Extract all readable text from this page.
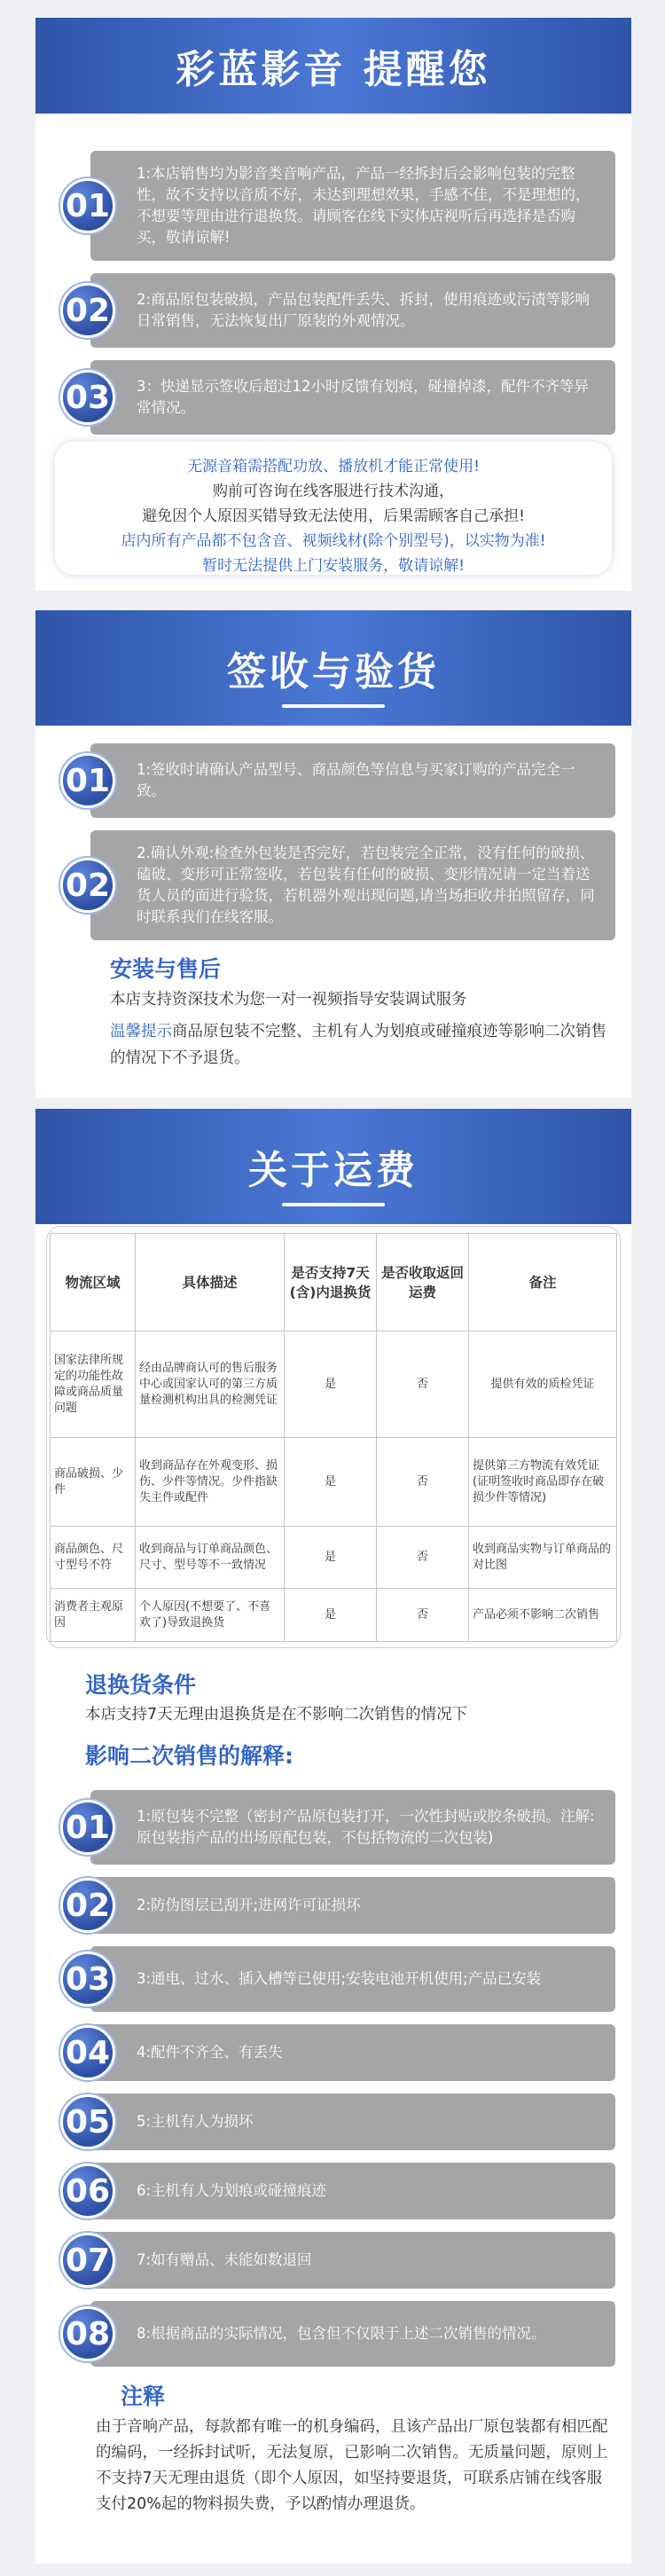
彩蓝影音 提醒您
01
1:本店销售均为影音类音响产品，产品一经拆封后会影响包装的完整性，故不支持以音质不好，未达到理想效果，手感不佳，不是理想的，不想要等理由进行退换货。请顾客在线下实体店视听后再选择是否购买，敬请谅解!
02	2:商品原包装破损，产品包装配件丢失、拆封，使用痕迹或污渍等影响日常销售，无法恢复出厂原装的外观情况。
03	3：快递显示签收后超过12小时反馈有划痕，碰撞掉漆，配件不齐等异常情况。
无源音箱需搭配功放、播放机才能正常使用!
购前可咨询在线客服进行技术沟通，
避免因个人原因买错导致无法使用，后果需顾客自己承担!
店内所有产品都不包含音、视频线材(除个别型号)，以实物为准!
暂时无法提供上门安装服务，敬请谅解!
签收与验货
01	1:签收时请确认产品型号、商品颜色等信息与买家订购的产品完全一致。
02
2.确认外观:检查外包装是否完好，若包装完全正常，没有任何的破损、磕破、变形可正常签收，若包装有任何的破损、变形情况请一定当着送货人员的面进行验货，若机器外观出现问题,请当场拒收并拍照留存，同时联系我们在线客服。
安装与售后
本店支持资深技术为您一对一视频指导安装调试服务
温馨提示商品原包装不完整、主机有人为划痕或碰撞痕迹等影响二次销售的情况下不予退货。
关于运费
物流区域	具体描述	是否支持7天(含)内退换货	是否收取返回运费	备注
国家法律所规定的功能性故障或商品质量问题	经由品牌商认可的售后服务中心或国家认可的第三方质量检测机构出具的检测凭证	是	否	提供有效的质检凭证
商品破损、少件	收到商品存在外观变形、损伤、少件等情况。少件指缺失主件或配件	是	否	提供第三方物流有效凭证(证明签收时商品即存在破损少件等情况)
商品颜色、尺寸型号不符	收到商品与订单商品颜色、尺寸、型号等不一致情况	是	否	收到商品实物与订单商品的对比图
消费者主观原因	个人原因(不想要了、不喜欢了)导致退换货	是	否	产品必须不影响二次销售
退换货条件
本店支持7天无理由退换货是在不影响二次销售的情况下
影响二次销售的解释:
01	1:原包装不完整（密封产品原包装打开，一次性封贴或胶条破损。注解:原包装指产品的出场原配包装，不包括物流的二次包装)
02	2:防伪图层已刮开;进网许可证损坏
03	3:通电、过水、插入槽等已使用;安装电池开机使用;产品已安装
04	4:配件不齐全、有丢失
05	5:主机有人为损坏
06	6:主机有人为划痕或碰撞痕迹
07	7:如有赠品、未能如数退回
08	8:根据商品的实际情况，包含但不仅限于上述二次销售的情况。
注释
由于音响产品，每款都有唯一的机身编码，且该产品出厂原包装都有相匹配的编码，一经拆封试听，无法复原，已影响二次销售。无质量问题，原则上不支持7天无理由退货（即个人原因，如坚持要退货，可联系店铺在线客服支付20%起的物料损失费，予以酌情办理退货。
